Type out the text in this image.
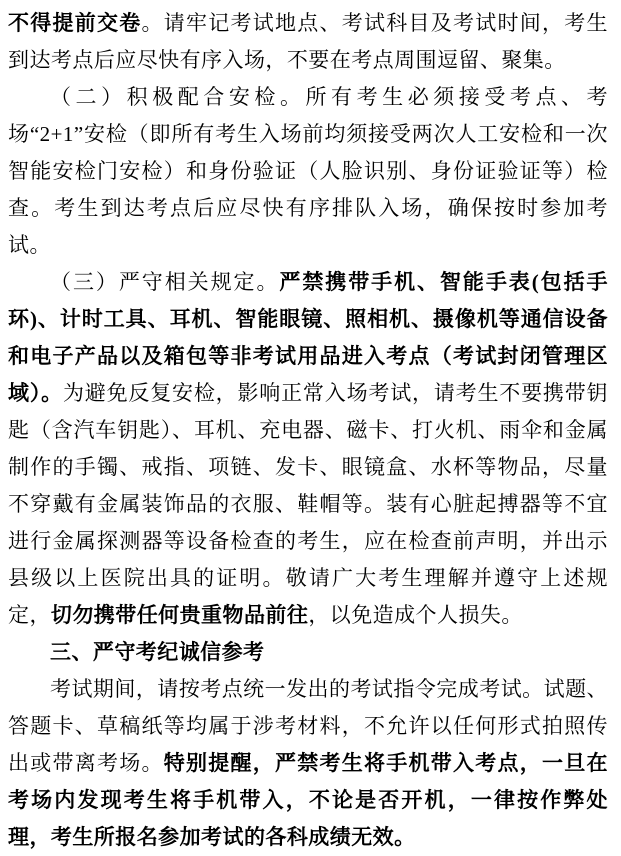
不得提前交卷。请牢记考试地点、考试科目及考试时间，考生到达考点后应尽快有序入场，不要在考点周围逗留、聚集。

（二）积极配合安检。所有考生必须接受考点、考场“2+1”安检（即所有考生入场前均须接受两次人工安检和一次智能安检门安检）和身份验证（人脸识别、身份证验证等）检查。考生到达考点后应尽快有序排队入场，确保按时参加考试。

（三）严守相关规定。严禁携带手机、智能手表(包括手环)、计时工具、耳机、智能眼镜、照相机、摄像机等通信设备和电子产品以及箱包等非考试用品进入考点（考试封闭管理区域）。为避免反复安检，影响正常入场考试，请考生不要携带钥匙（含汽车钥匙）、耳机、充电器、磁卡、打火机、雨伞和金属制作的手镯、戒指、项链、发卡、眼镜盒、水杯等物品，尽量不穿戴有金属装饰品的衣服、鞋帽等。装有心脏起搏器等不宜进行金属探测器等设备检查的考生，应在检查前声明，并出示县级以上医院出具的证明。敬请广大考生理解并遵守上述规定，切勿携带任何贵重物品前往，以免造成个人损失。

三、严守考纪诚信参考

考试期间，请按考点统一发出的考试指令完成考试。试题、答题卡、草稿纸等均属于涉考材料，不允许以任何形式拍照传出或带离考场。特别提醒，严禁考生将手机带入考点，一旦在考场内发现考生将手机带入，不论是否开机，一律按作弊处理，考生所报名参加考试的各科成绩无效。
